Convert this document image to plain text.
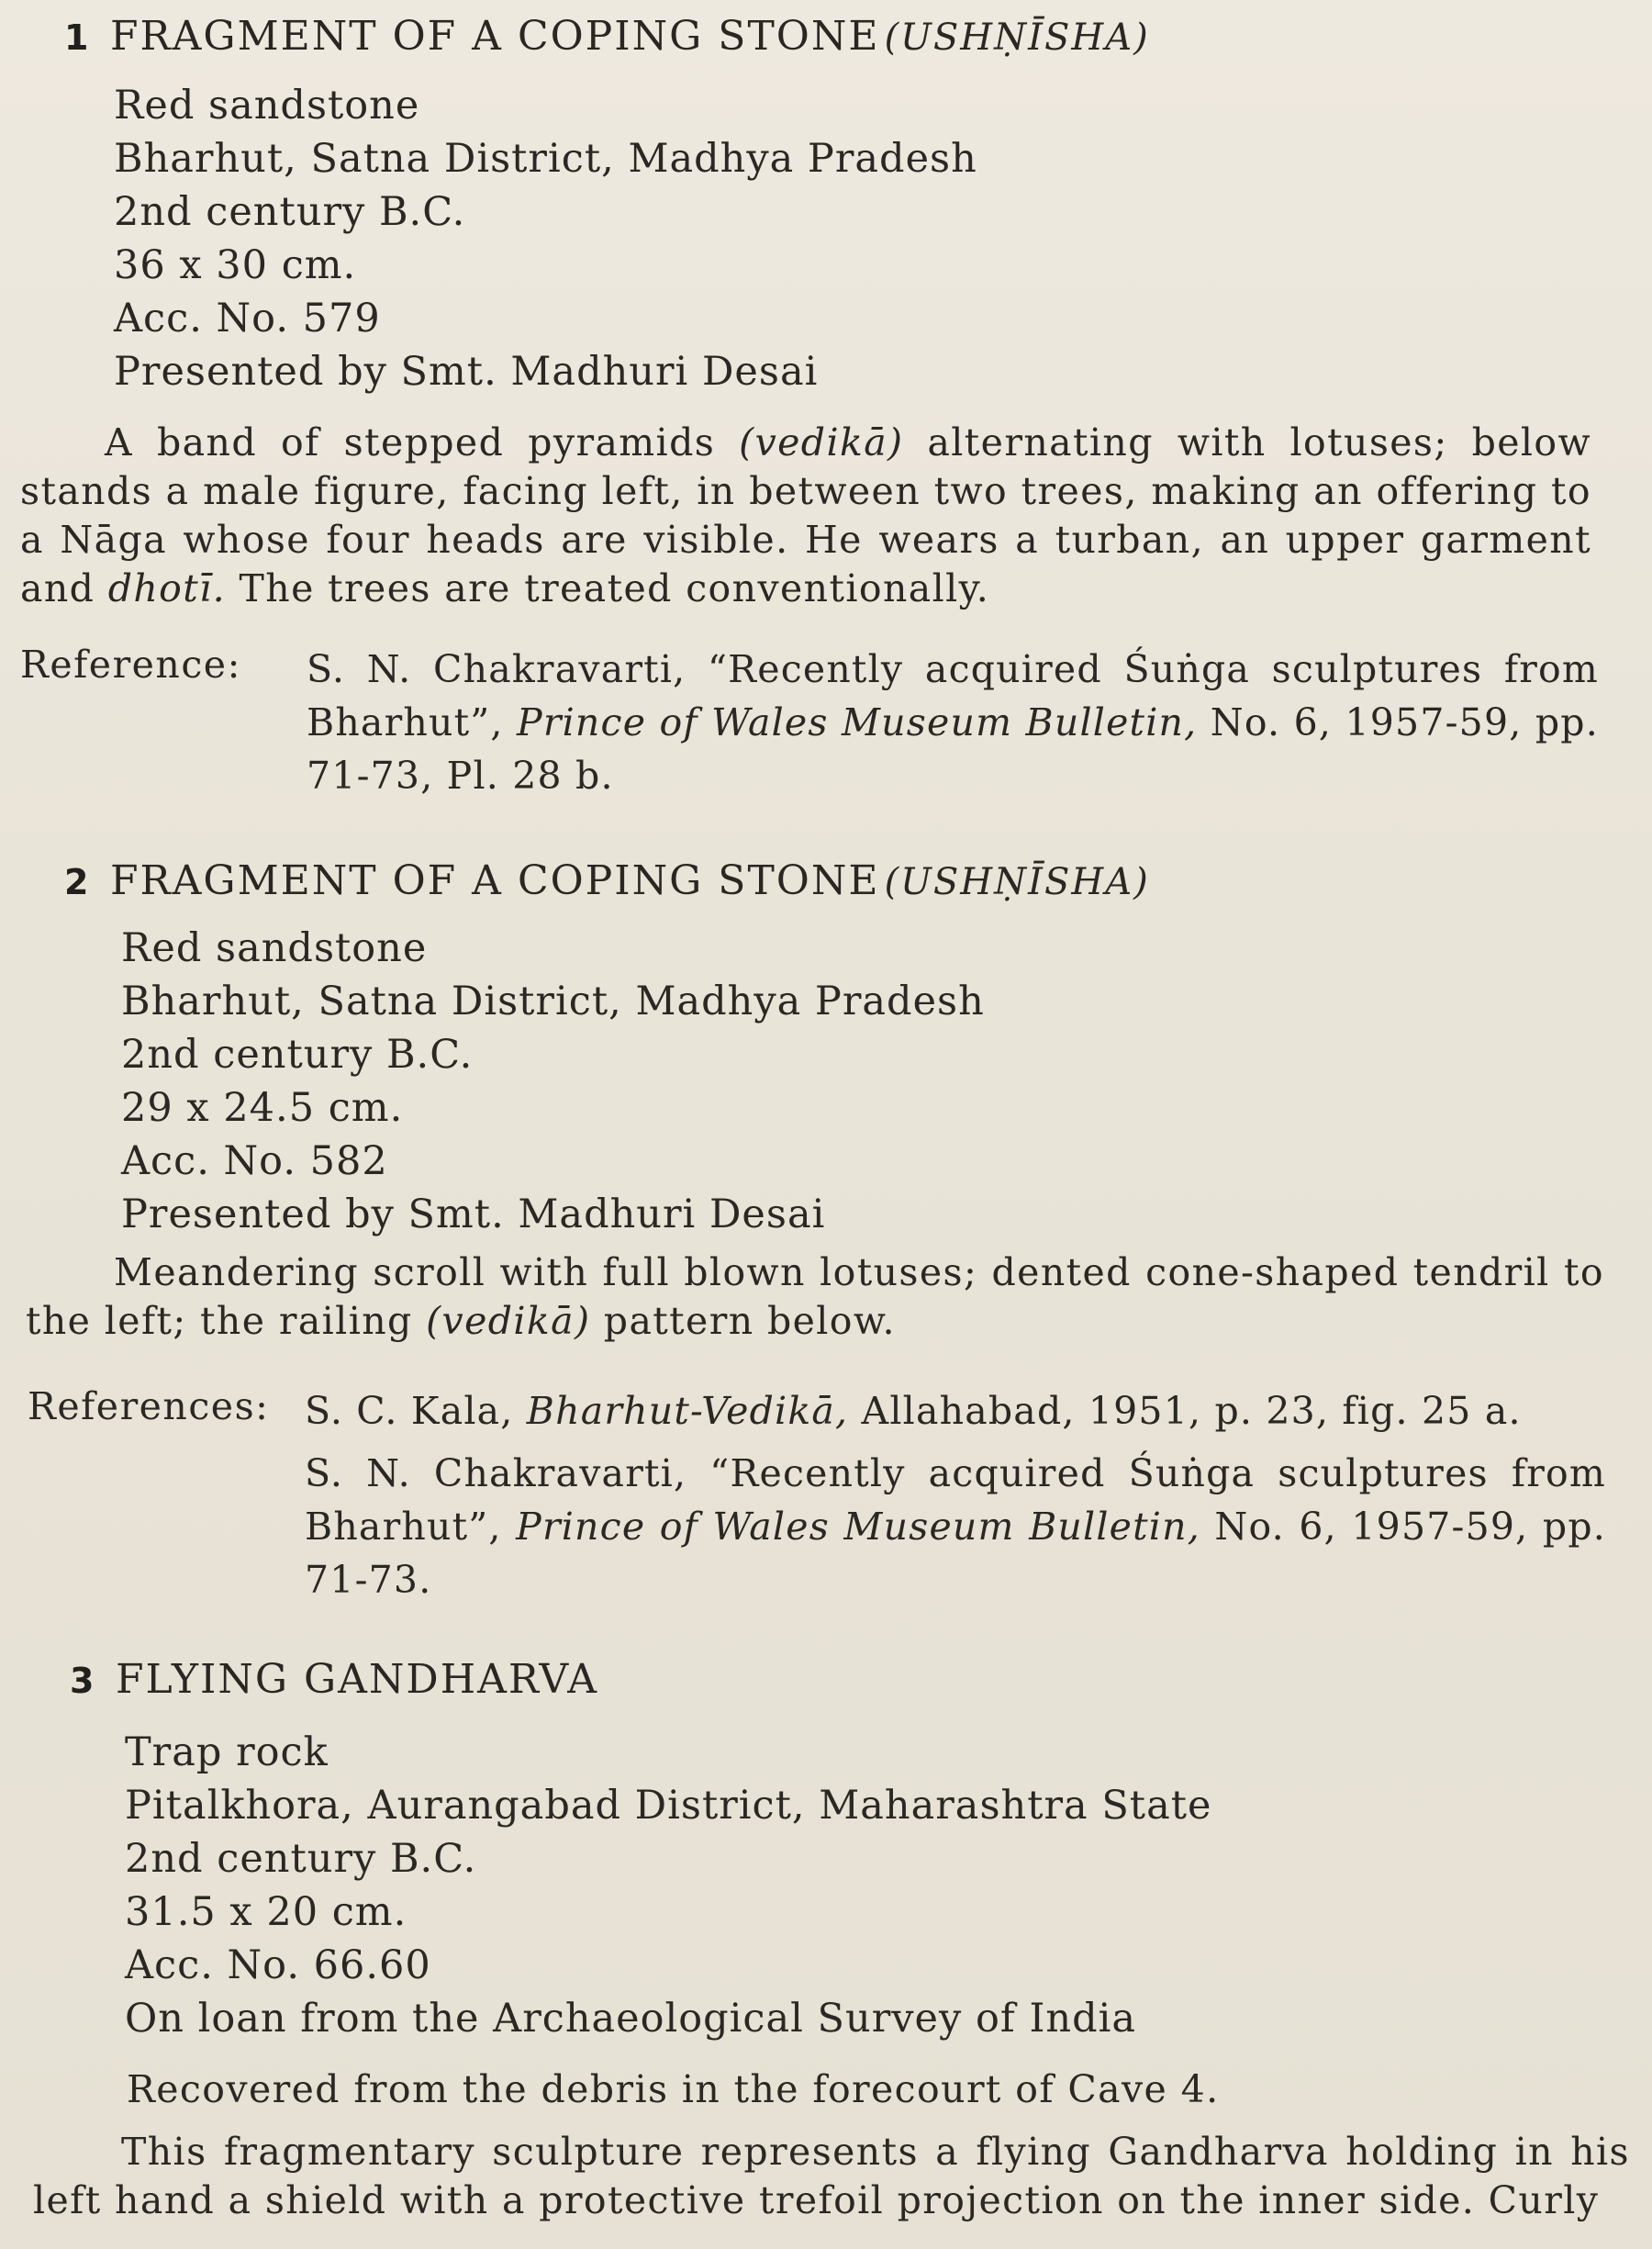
1 FRAGMENT OF A COPING STONE (USHṆĪSHA)
Red sandstone
Bharhut, Satna District, Madhya Pradesh
2nd century B.C.
36 x 30 cm.
Acc. No. 579
Presented by Smt. Madhuri Desai
A band of stepped pyramids (vedikā) alternating with lotuses; below stands a male figure, facing left, in between two trees, making an offering to a Nāga whose four heads are visible. He wears a turban, an upper garment and dhotī. The trees are treated conventionally.
Reference: S. N. Chakravarti, “Recently acquired Śuṅga sculptures from Bharhut”, Prince of Wales Museum Bulletin, No. 6, 1957-59, pp. 71-73, Pl. 28 b.
2 FRAGMENT OF A COPING STONE (USHṆĪSHA)
Red sandstone
Bharhut, Satna District, Madhya Pradesh
2nd century B.C.
29 x 24.5 cm.
Acc. No. 582
Presented by Smt. Madhuri Desai
Meandering scroll with full blown lotuses; dented cone-shaped tendril to the left; the railing (vedikā) pattern below.
References: S. C. Kala, Bharhut-Vedikā, Allahabad, 1951, p. 23, fig. 25 a.
S. N. Chakravarti, “Recently acquired Śuṅga sculptures from Bharhut”, Prince of Wales Museum Bulletin, No. 6, 1957-59, pp. 71-73.
3 FLYING GANDHARVA
Trap rock
Pitalkhora, Aurangabad District, Maharashtra State
2nd century B.C.
31.5 x 20 cm.
Acc. No. 66.60
On loan from the Archaeological Survey of India
Recovered from the debris in the forecourt of Cave 4.
This fragmentary sculpture represents a flying Gandharva holding in his left hand a shield with a protective trefoil projection on the inner side. Curly
